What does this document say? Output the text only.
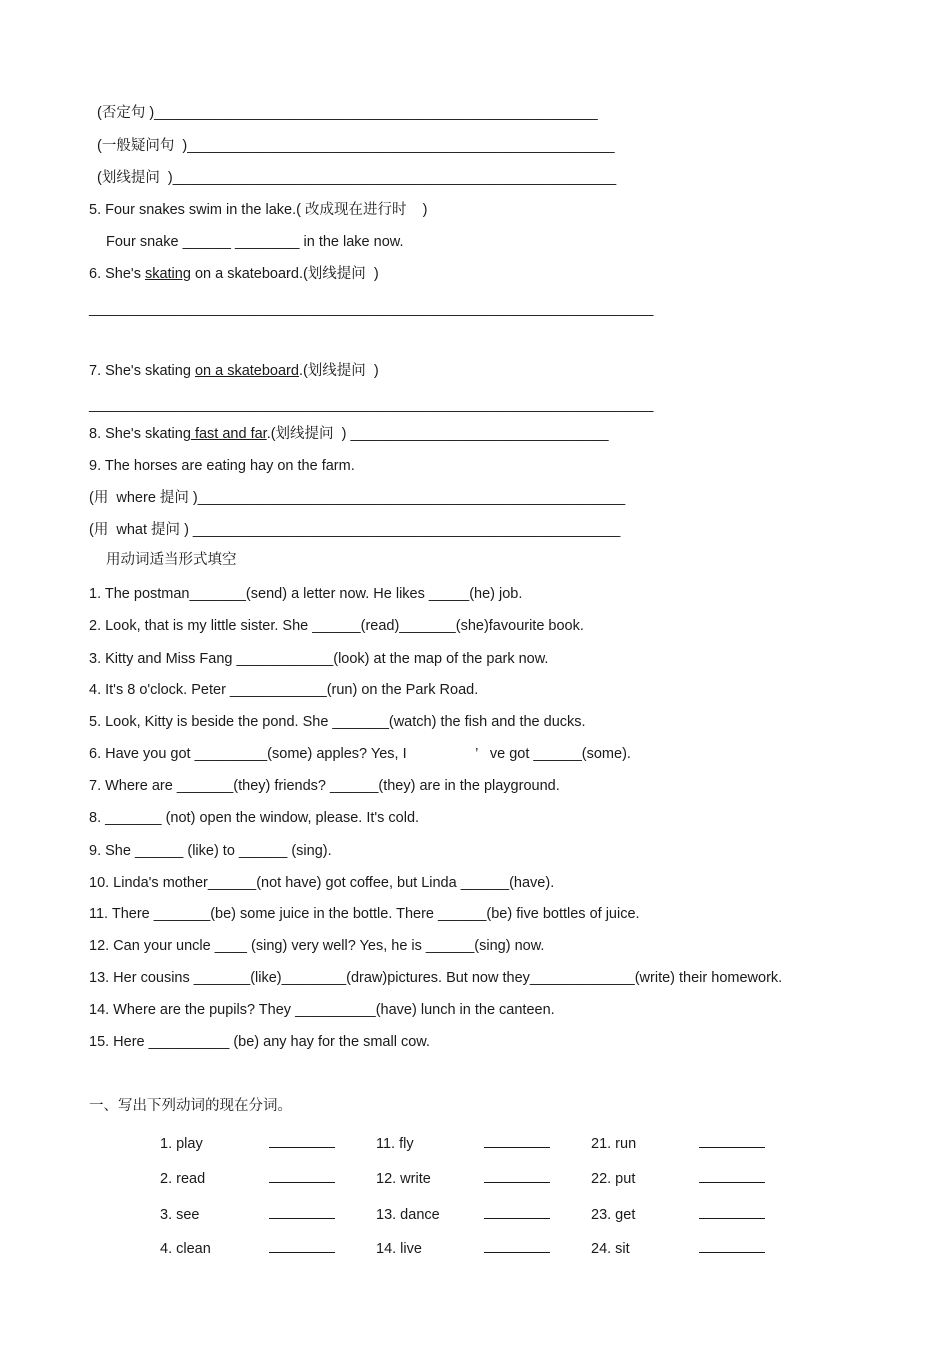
(否定句 )_______________________________________________________
(一般疑问句  )_____________________________________________________
(划线提问  )_______________________________________________________
5. Four snakes swim in the lake.( 改成现在进行时    )
Four snake ______ ________ in the lake now.
6. She's skating on a skateboard.(划线提问  )
______________________________________________________________________
7. She's skating on a skateboard.(划线提问  )
______________________________________________________________________
8. She's skating fast and far.(划线提问  ) ________________________________
9. The horses are eating hay on the farm.
(用  where 提问 )_____________________________________________________
(用  what 提问 ) _____________________________________________________
用动词适当形式填空
1. The postman_______(send) a letter now. He likes _____(he) job.
2. Look, that is my little sister. She ______(read)_______(she)favourite book.
3. Kitty and Miss Fang ____________(look) at the map of the park now.
4. It's 8 o'clock. Peter ____________(run) on the Park Road.
5. Look, Kitty is beside the pond. She _______(watch) the fish and the ducks.
6. Have you got _________(some) apples? Yes, I                 ’   ve got ______(some).
7. Where are _______(they) friends? ______(they) are in the playground.
8. _______ (not) open the window, please. It's cold.
9. She ______ (like) to ______ (sing).
10. Linda's mother______(not have) got coffee, but Linda ______(have).
11. There _______(be) some juice in the bottle. There ______(be) five bottles of juice.
12. Can your uncle ____ (sing) very well? Yes, he is ______(sing) now.
13. Her cousins _______(like)________(draw)pictures. But now they_____________(write) their homework.
14. Where are the pupils? They __________(have) lunch in the canteen.
15. Here __________ (be) any hay for the small cow.
一、写出下列动词的现在分词。
1. play	11. fly	21. run
2. read	12. write	22. put
3. see	13. dance	23. get
4. clean	14. live	24. sit
